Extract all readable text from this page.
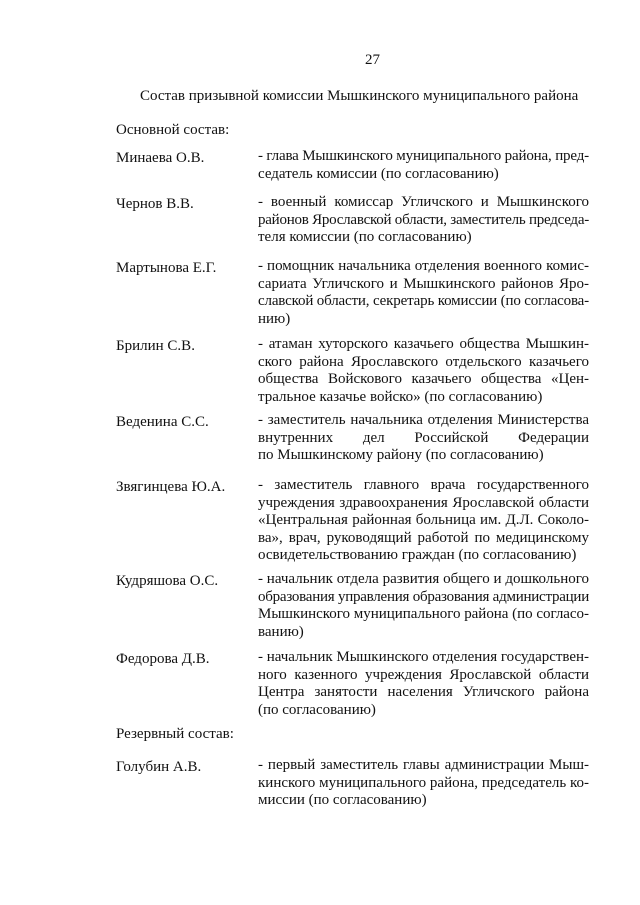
27
Состав призывной комиссии Мышкинского муниципального района
Основной состав:
Минаева О.В.	- глава Мышкинского муниципального района, пред-
седатель комиссии (по согласованию)
Чернов В.В.	- военный комиссар Угличского и Мышкинского
районов Ярославской области, заместитель председа-
теля комиссии (по согласованию)
Мартынова Е.Г.	- помощник начальника отделения военного комис-
сариата Угличского и Мышкинского районов Яро-
славской области, секретарь комиссии (по согласова-
нию)
Брилин С.В.	- атаман хуторского казачьего общества Мышкин-
ского района Ярославского отдельского казачьего
общества Войскового казачьего общества «Цен-
тральное казачье войско» (по согласованию)
Веденина С.С.	- заместитель начальника отделения Министерства
внутренних дел Российской Федерации
по Мышкинскому району (по согласованию)
Звягинцева Ю.А. - заместитель главного врача государственного
учреждения здравоохранения Ярославской области
«Центральная районная больница им. Д.Л. Соколо-
ва», врач, руководящий работой по медицинскому
освидетельствованию граждан (по согласованию)
Кудряшова О.С.	- начальник отдела развития общего и дошкольного
образования управления образования администрации
Мышкинского муниципального района (по согласо-
ванию)
Федорова Д.В.	- начальник Мышкинского отделения государствен-
ного казенного учреждения Ярославской области
Центра занятости населения Угличского района
(по согласованию)
Резервный состав:
Голубин А.В.	- первый заместитель главы администрации Мыш-
кинского муниципального района, председатель ко-
миссии (по согласованию)
